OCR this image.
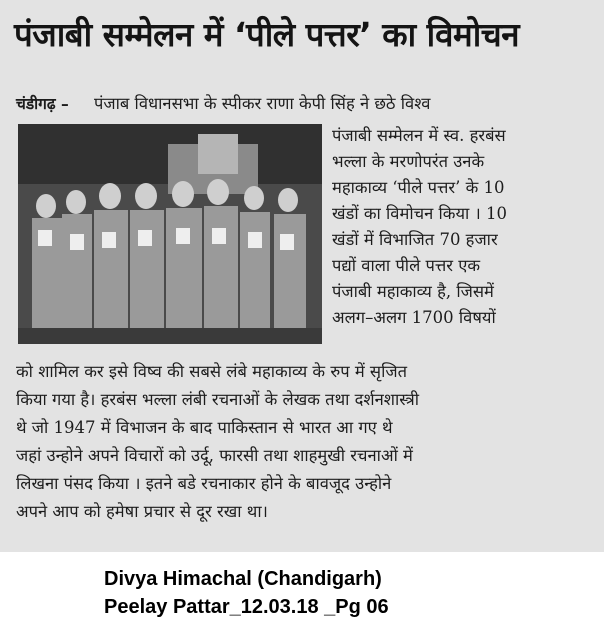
पंजाबी सम्मेलन में ‘पीले पत्तर’ का विमोचन
चंडीगढ़ – पंजाब विधानसभा के स्पीकर राणा केपी सिंह ने छठे विश्व
पंजाबी सम्मेलन में स्व. हरबंस
भल्ला के मरणोपरंत उनके
महाकाव्य ‘पीले पत्तर’ के 10
खंडों का विमोचन किया । 10
खंडों में विभाजित 70 हजार
पद्यों वाला पीले पत्तर एक
पंजाबी महाकाव्य है, जिसमें
अलग–अलग 1700 विषयों
को शामिल कर इसे विष्व की सबसे लंबे महाकाव्य के रुप में सृजित
किया गया है। हरबंस भल्ला लंबी रचनाओं के लेखक तथा दर्शनशास्त्री
थे जो 1947 में विभाजन के बाद पाकिस्तान से भारत आ गए थे
जहां उन्होने अपने विचारों को उर्दू, फारसी तथा शाहमुखी रचनाओं में
लिखना पंसद किया । इतने बडे रचनाकार होने के बावजूद उन्होने
अपने आप को हमेषा प्रचार से दूर रखा था।
Divya Himachal (Chandigarh)
Peelay Pattar_12.03.18 _Pg 06
